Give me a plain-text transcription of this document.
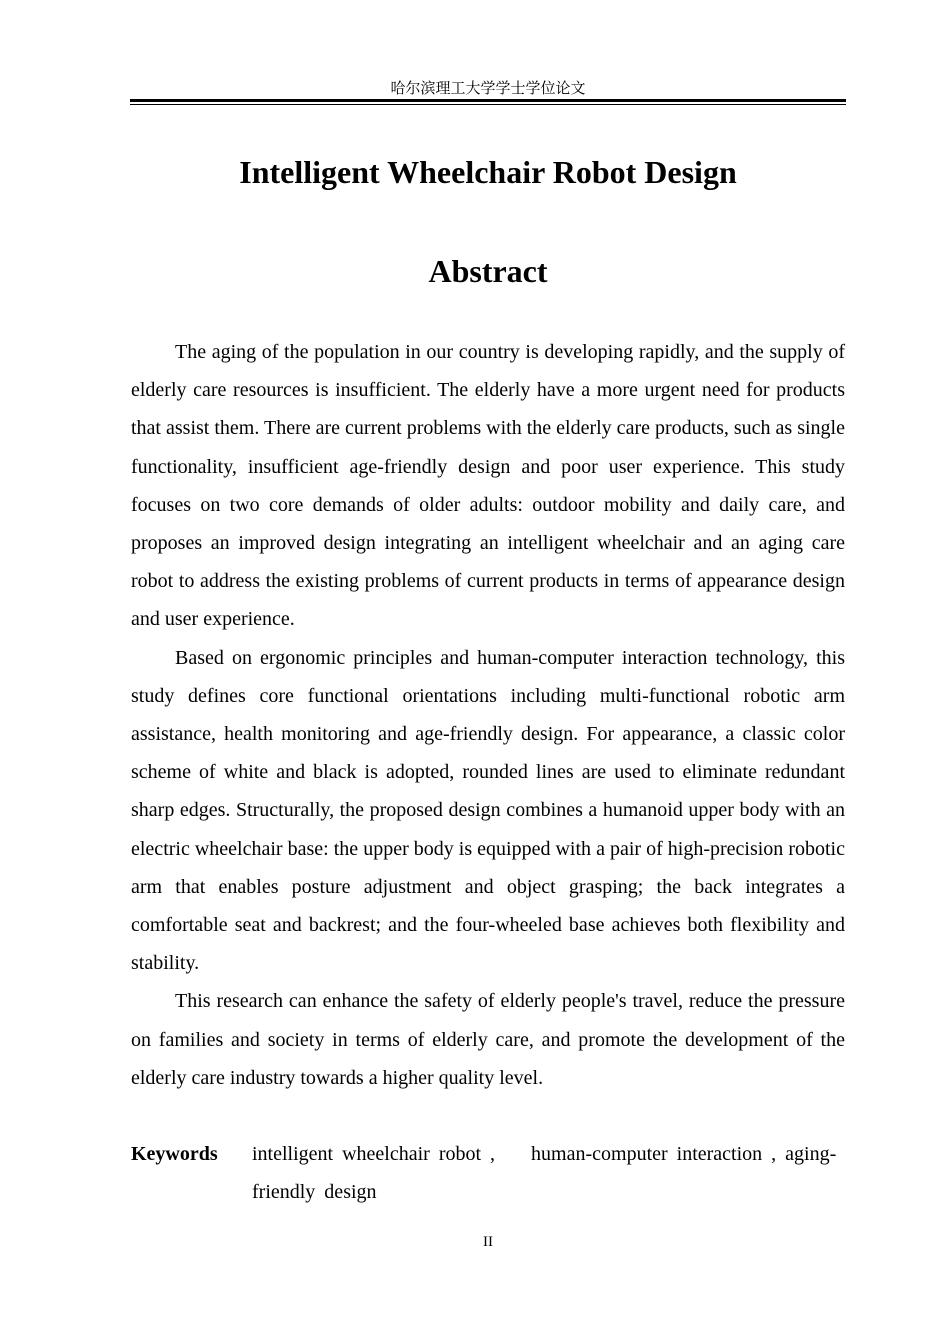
哈尔滨理工大学学士学位论文
Intelligent Wheelchair Robot Design
Abstract

The aging of the population in our country is developing rapidly, and the supply of elderly care resources is insufficient. The elderly have a more urgent need for products that assist them. There are current problems with the elderly care products, such as single functionality, insufficient age-friendly design and poor user experience. This study focuses on two core demands of older adults: outdoor mobility and daily care, and proposes an improved design integrating an intelligent wheelchair and an aging care robot to address the existing problems of current products in terms of appearance design and user experience.

Based on ergonomic principles and human-computer interaction technology, this study defines core functional orientations including multi-functional robotic arm assistance, health monitoring and age-friendly design. For appearance, a classic color scheme of white and black is adopted, rounded lines are used to eliminate redundant sharp edges. Structurally, the proposed design combines a humanoid upper body with an electric wheelchair base: the upper body is equipped with a pair of high-precision robotic arm that enables posture adjustment and object grasping; the back integrates a comfortable seat and backrest; and the four-wheeled base achieves both flexibility and stability.

This research can enhance the safety of elderly people's travel, reduce the pressure on families and society in terms of elderly care, and promote the development of the elderly care industry towards a higher quality level.

Keywords intelligent wheelchair robot ,    human-computer interaction , aging-friendly design
II
